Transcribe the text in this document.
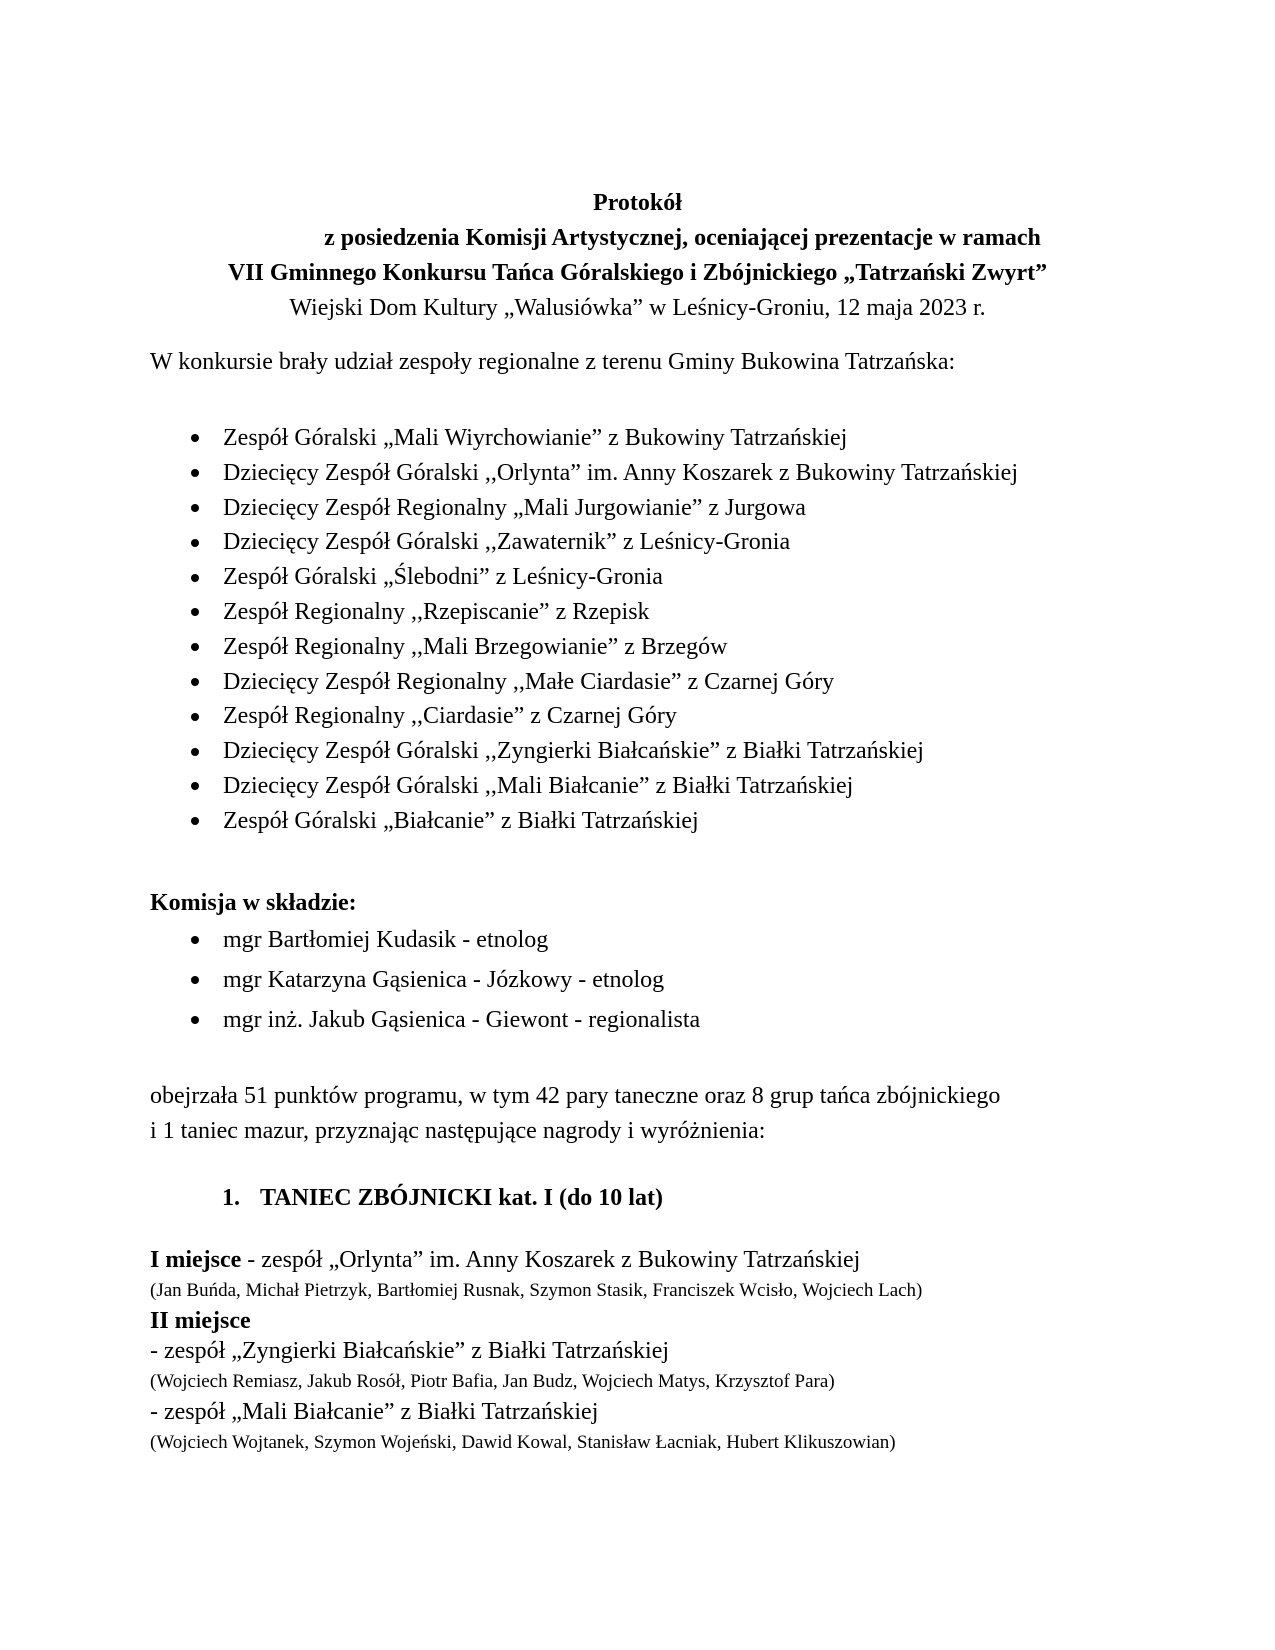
Protokół
z posiedzenia Komisji Artystycznej, oceniającej prezentacje w ramach
VII Gminnego Konkursu Tańca Góralskiego i Zbójnickiego „Tatrzański Zwyrt”
Wiejski Dom Kultury „Walusiówka” w Leśnicy-Groniu, 12 maja 2023 r.
W konkursie brały udział zespoły regionalne z terenu Gminy Bukowina Tatrzańska:
Zespół Góralski „Mali Wiyrchowianie” z Bukowiny Tatrzańskiej
Dziecięcy Zespół Góralski ,,Orlynta” im. Anny Koszarek z Bukowiny Tatrzańskiej
Dziecięcy Zespół Regionalny „Mali Jurgowianie” z Jurgowa
Dziecięcy Zespół Góralski ,,Zawaternik” z Leśnicy-Gronia
Zespół Góralski „Ślebodni” z Leśnicy-Gronia
Zespół Regionalny ,,Rzepiscanie” z Rzepisk
Zespół Regionalny ,,Mali Brzegowianie” z Brzegów
Dziecięcy Zespół Regionalny ,,Małe Ciardasie” z Czarnej Góry
Zespół Regionalny ,,Ciardasie” z Czarnej Góry
Dziecięcy Zespół Góralski ,,Zyngierki Białcańskie” z Białki Tatrzańskiej
Dziecięcy Zespół Góralski ,,Mali Białcanie” z Białki Tatrzańskiej
Zespół Góralski „Białcanie” z Białki Tatrzańskiej
Komisja w składzie:
mgr Bartłomiej Kudasik - etnolog
mgr Katarzyna Gąsienica - Józkowy - etnolog
mgr inż. Jakub Gąsienica - Giewont - regionalista
obejrzała 51 punktów programu, w tym 42 pary taneczne oraz 8 grup tańca zbójnickiego
i 1 taniec mazur, przyznając następujące nagrody i wyróżnienia:
1. TANIEC ZBÓJNICKI kat. I (do 10 lat)
I miejsce - zespół „Orlynta” im. Anny Koszarek z Bukowiny Tatrzańskiej
(Jan Buńda, Michał Pietrzyk, Bartłomiej Rusnak, Szymon Stasik, Franciszek Wcisło, Wojciech Lach)
II miejsce
- zespół „Zyngierki Białcańskie” z Białki Tatrzańskiej
(Wojciech Remiasz, Jakub Rosół, Piotr Bafia, Jan Budz, Wojciech Matys, Krzysztof Para)
- zespół „Mali Białcanie” z Białki Tatrzańskiej
(Wojciech Wojtanek, Szymon Wojeński, Dawid Kowal, Stanisław Łacniak, Hubert Klikuszowian)
